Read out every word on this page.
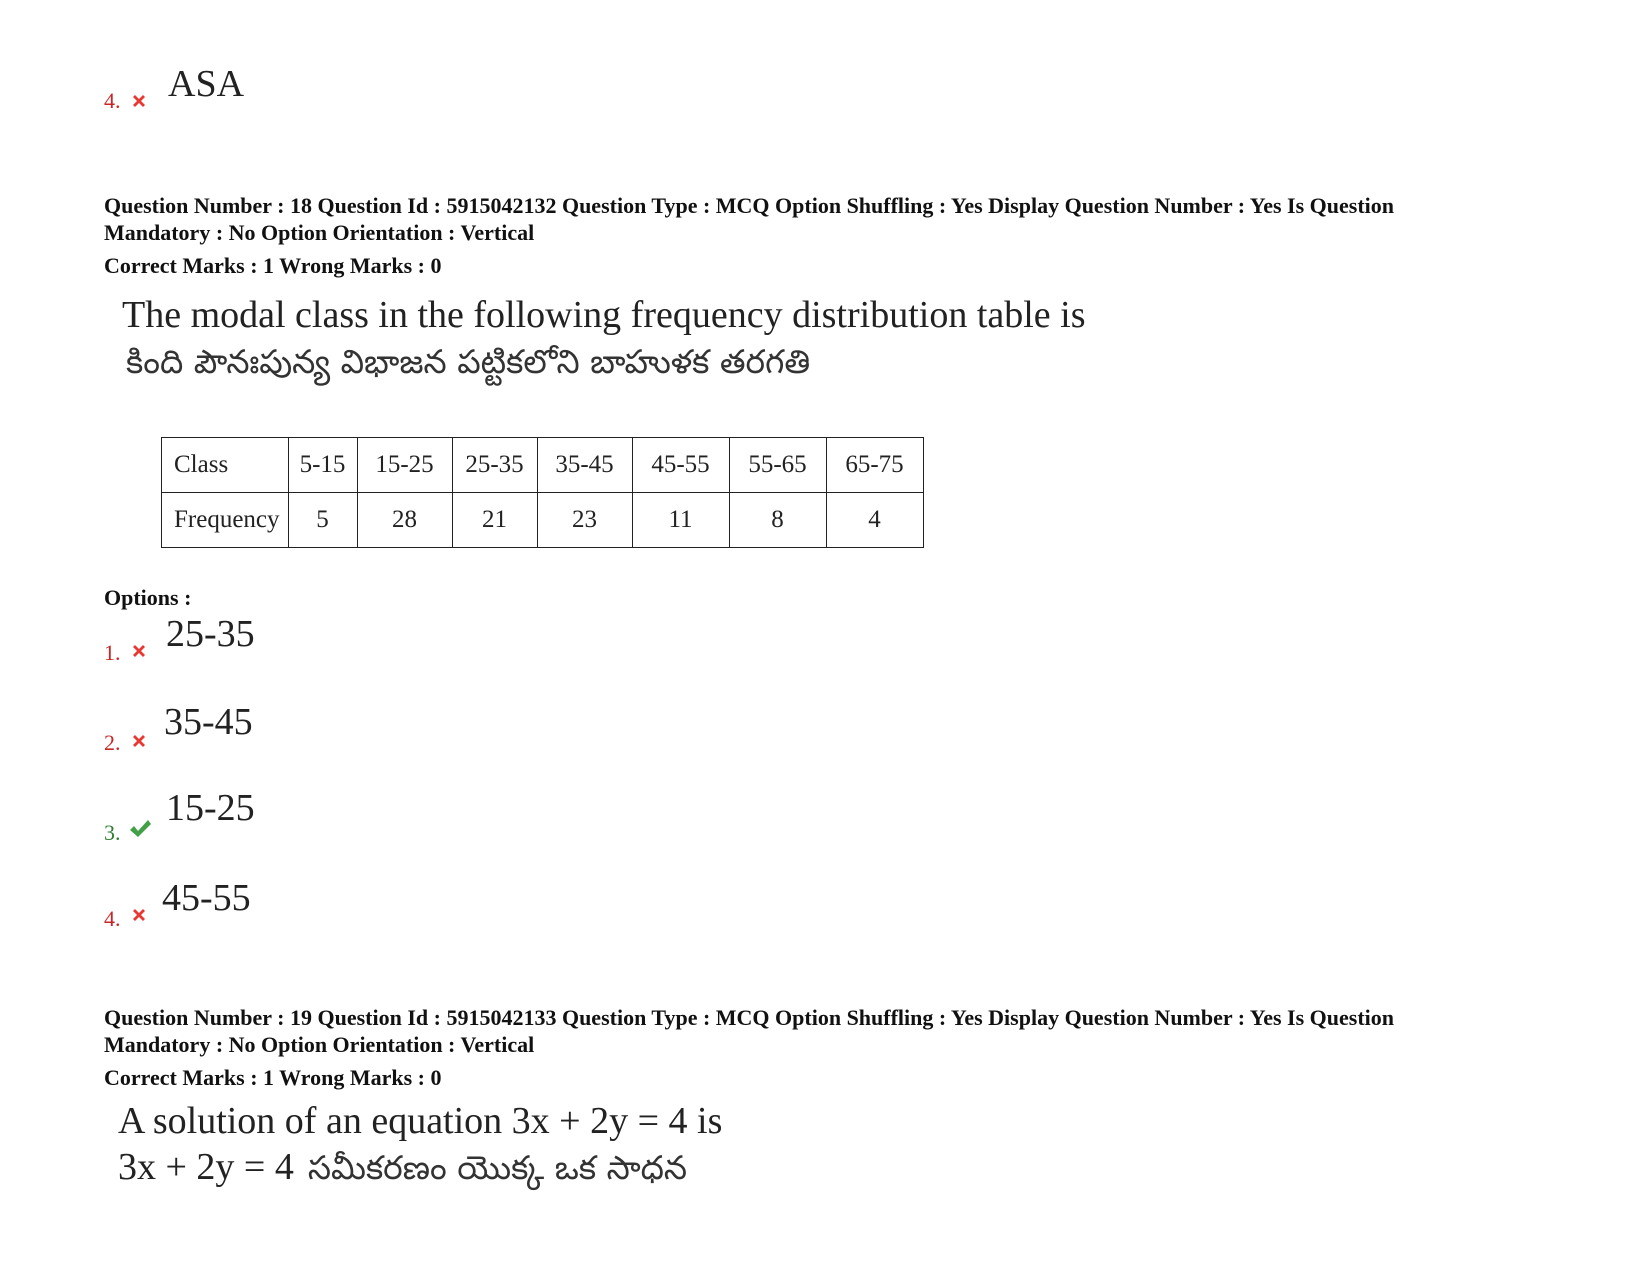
4. ASA
Question Number : 18 Question Id : 5915042132 Question Type : MCQ Option Shuffling : Yes Display Question Number : Yes Is Question
Mandatory : No Option Orientation : Vertical
Correct Marks : 1 Wrong Marks : 0
The modal class in the following frequency distribution table is
కింది పౌనఃపున్య విభాజన పట్టికలోని బాహుళక తరగతి
Class	5-15	15-25	25-35	35-45	45-55	55-65	65-75
Frequency	5	28	21	23	11	8	4
Options :
1. 25-35
2. 35-45
3.
15-25
4. 45-55
Question Number : 19 Question Id : 5915042133 Question Type : MCQ Option Shuffling : Yes Display Question Number : Yes Is Question
Mandatory : No Option Orientation : Vertical
Correct Marks : 1 Wrong Marks : 0
A solution of an equation 3x + 2y = 4 is
3x + 2y = 4 సమీకరణం యొక్క ఒక సాధన
